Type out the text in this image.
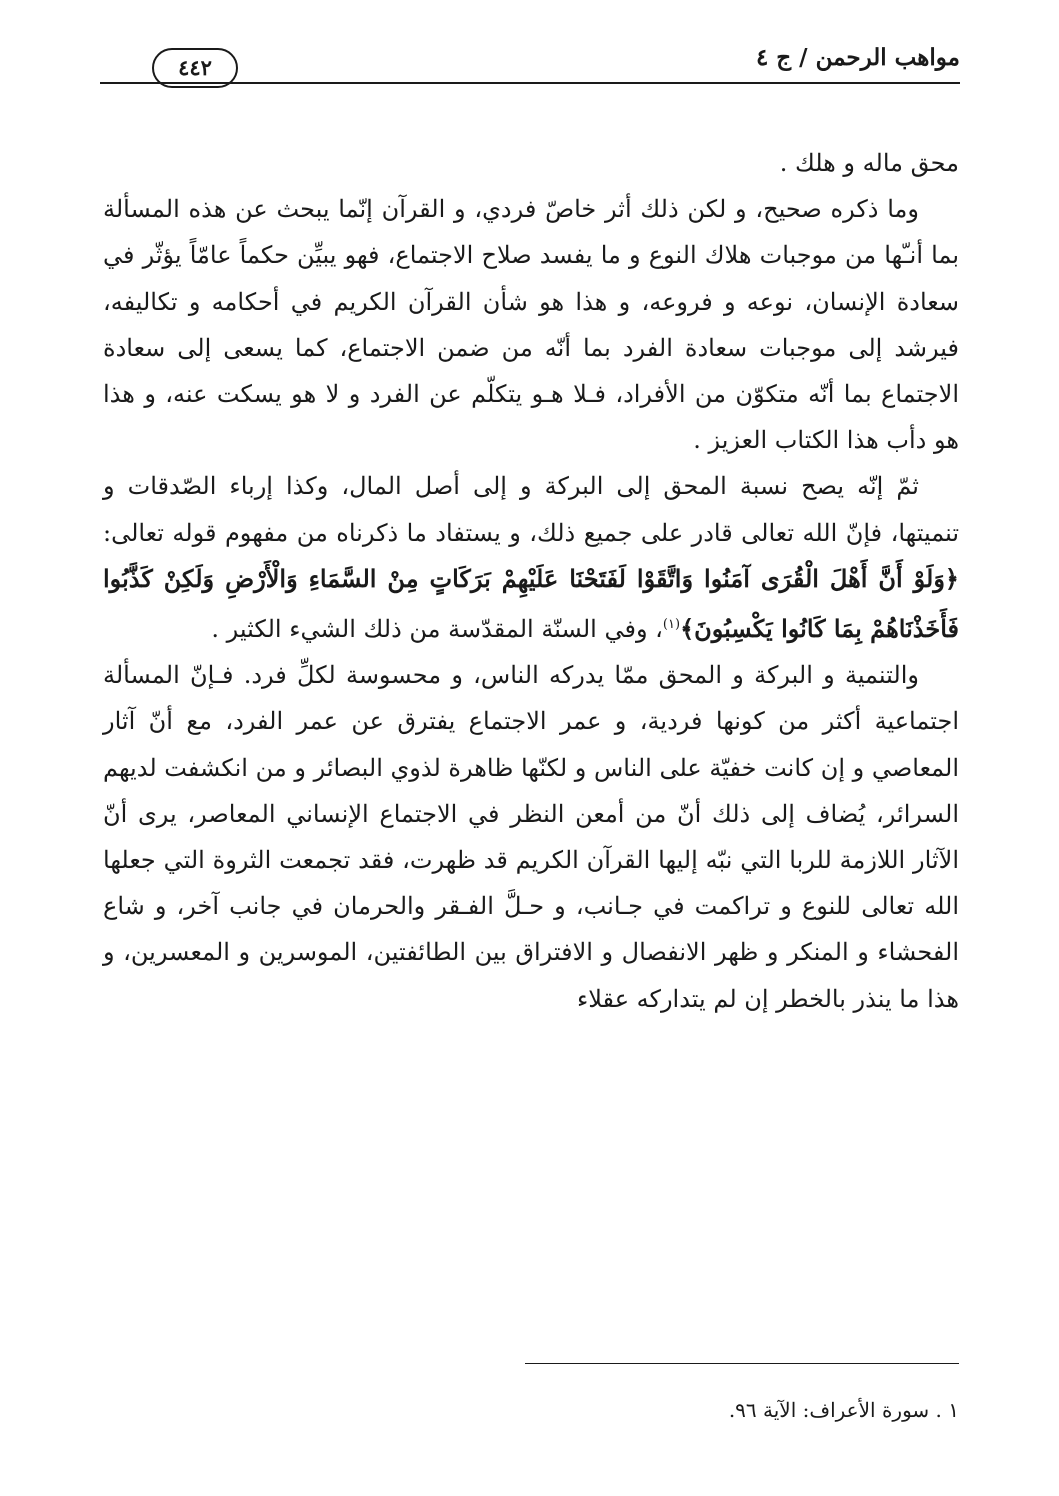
مواهب الرحمن / ج ٤
٤٤٢

محق ماله و هلك .

وما ذكره صحيح، و لكن ذلك أثر خاصّ فردي، و القرآن إنّما يبحث عن هذه المسألة بما أنـّها من موجبات هلاك النوع و ما يفسد صلاح الاجتماع، فهو يبيِّن حكماً عامّاً يؤثّر في سعادة الإنسان، نوعه و فروعه، و هذا هو شأن القرآن الكريم في أحكامه و تكاليفه، فيرشد إلى موجبات سعادة الفرد بما أنّه من ضمن الاجتماع، كما يسعى إلى سعادة الاجتماع بما أنّه متكوّن من الأفراد، فـلا هـو يتكلّم عن الفرد و لا هو يسكت عنه، و هذا هو دأب هذا الكتاب العزيز .

ثمّ إنّه يصح نسبة المحق إلى البركة و إلى أصل المال، وكذا إرباء الصّدقات و تنميتها، فإنّ الله تعالى قادر على جميع ذلك، و يستفاد ما ذكرناه من مفهوم قوله تعالى: ﴿وَلَوْ أَنَّ أَهْلَ الْقُرَى آمَنُوا وَاتَّقَوْا لَفَتَحْنَا عَلَيْهِمْ بَرَكَاتٍ مِنْ السَّمَاءِ وَالْأَرْضِ وَلَكِنْ كَذَّبُوا فَأَخَذْنَاهُمْ بِمَا كَانُوا يَكْسِبُونَ﴾$^{(١)}$، وفي السنّة المقدّسة من ذلك الشيء الكثير .

والتنمية و البركة و المحق ممّا يدركه الناس، و محسوسة لكلِّ فرد. فـإنّ المسألة اجتماعية أكثر من كونها فردية، و عمر الاجتماع يفترق عن عمر الفرد، مع أنّ آثار المعاصي و إن كانت خفيّة على الناس و لكنّها ظاهرة لذوي البصائر و من انكشفت لديهم السرائر، يُضاف إلى ذلك أنّ من أمعن النظر في الاجتماع الإنساني المعاصر، يرى أنّ الآثار اللازمة للربا التي نبّه إليها القرآن الكريم قد ظهرت، فقد تجمعت الثروة التي جعلها الله تعالى للنوع و تراكمت في جـانب، و حـلَّ الفـقر والحرمان في جانب آخر، و شاع الفحشاء و المنكر و ظهر الانفصال و الافتراق بين الطائفتين، الموسرين و المعسرين، و هذا ما ينذر بالخطر إن لم يتداركه عقلاء

١ . سورة الأعراف: الآية ٩٦.
